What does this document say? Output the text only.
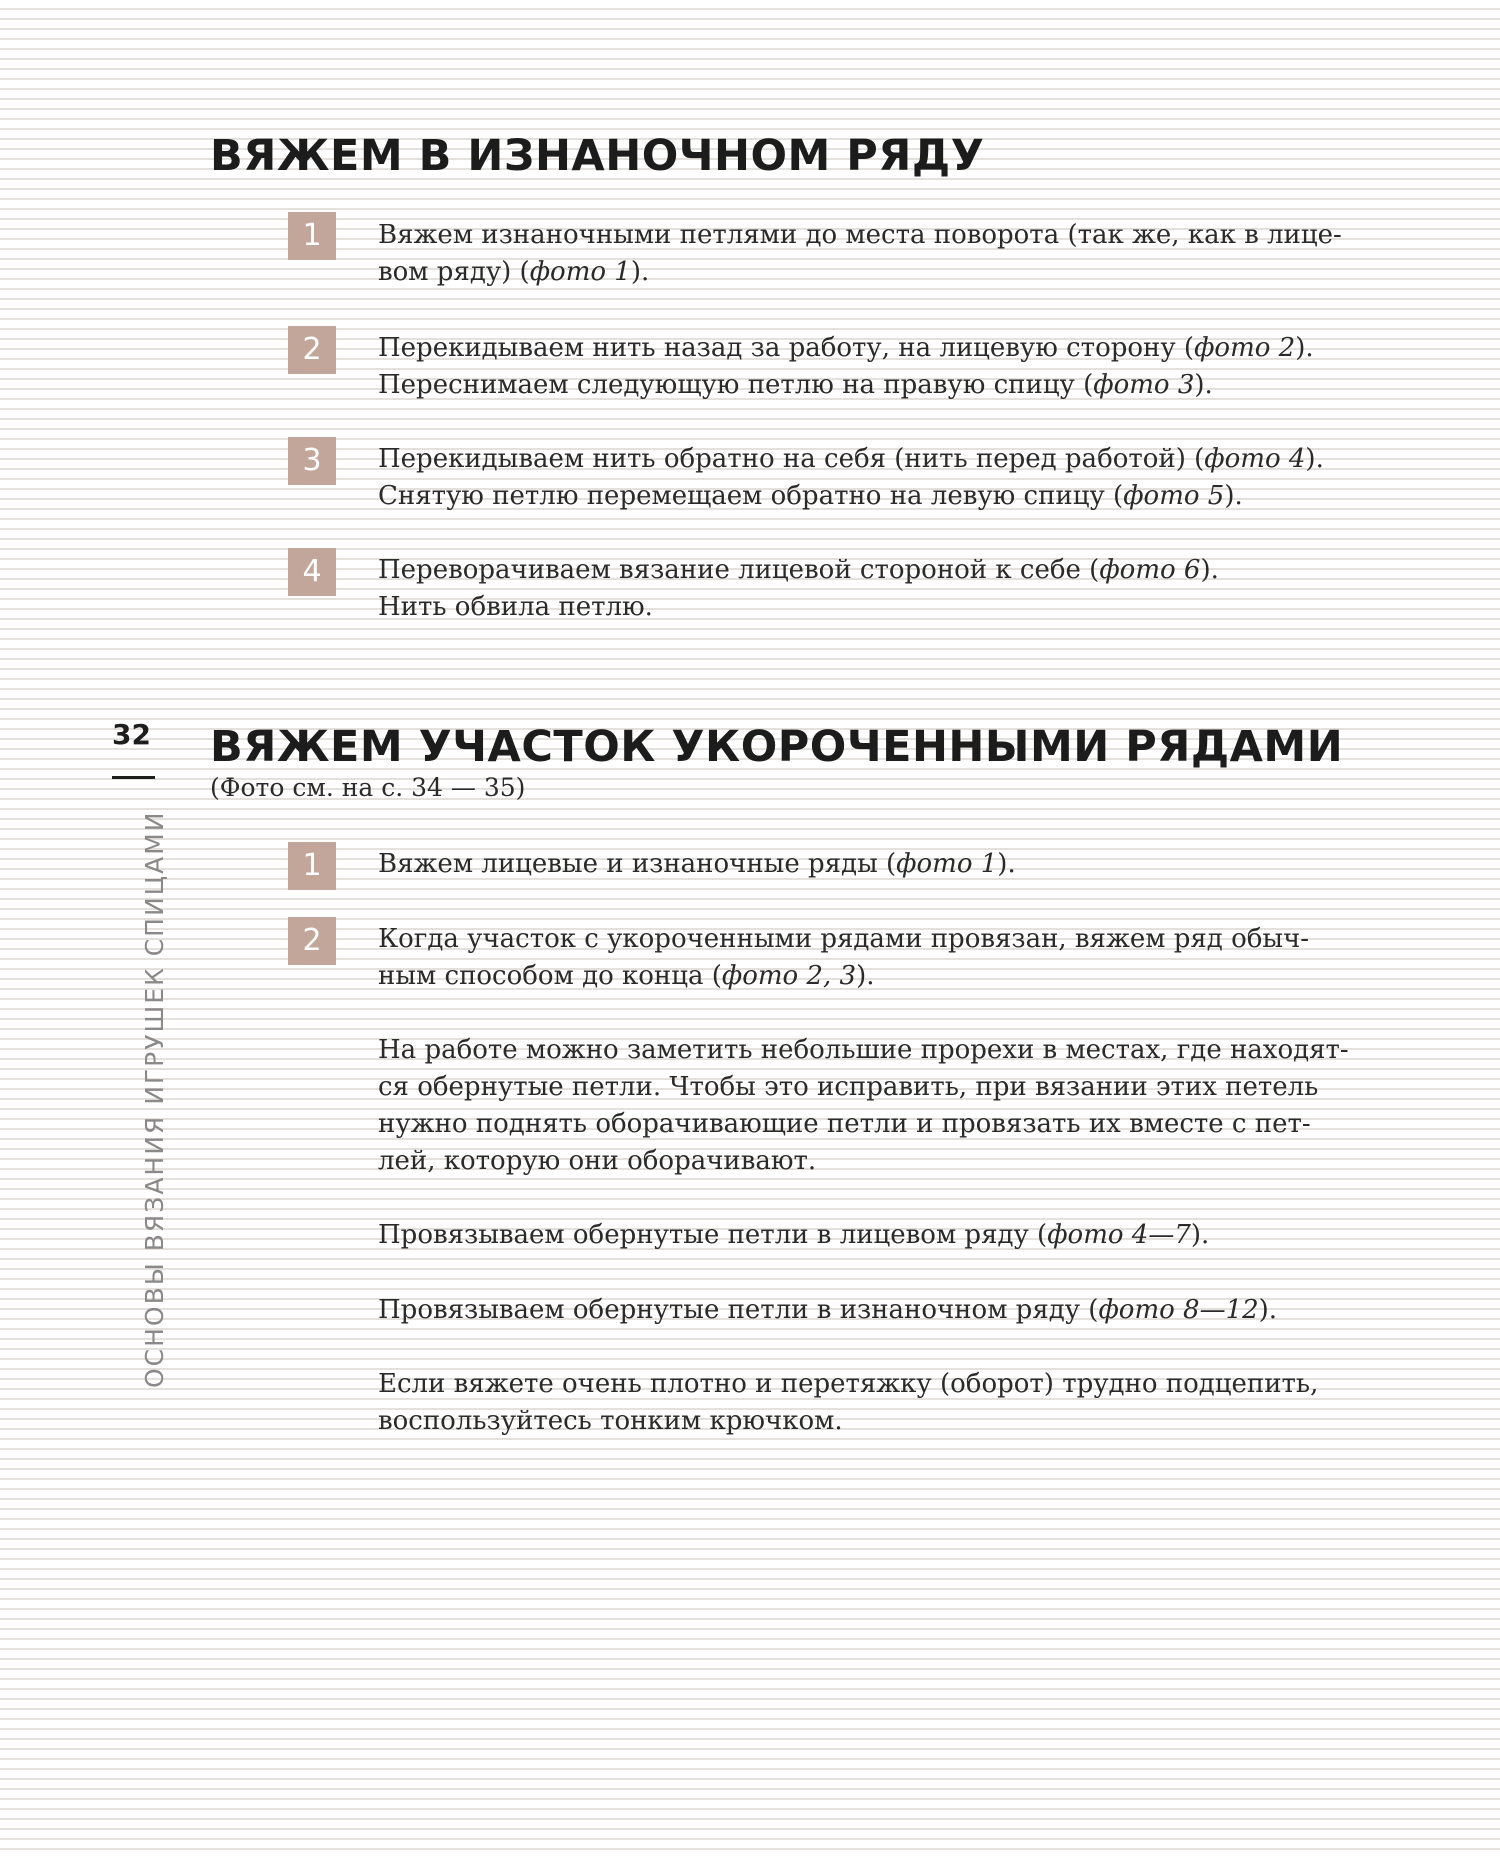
32
ОСНОВЫ ВЯЗАНИЯ ИГРУШЕК СПИЦАМИ
ВЯЖЕМ В ИЗНАНОЧНОМ РЯДУ
1	Вяжем изнаночными петлями до места поворота (так же, как в лице-
вом ряду) (фото 1).
2	Перекидываем нить назад за работу, на лицевую сторону (фото 2).
Переснимаем следующую петлю на правую спицу (фото 3).
3	Перекидываем нить обратно на себя (нить перед работой) (фото 4).
Снятую петлю перемещаем обратно на левую спицу (фото 5).
4	Переворачиваем вязание лицевой стороной к себе (фото 6).
Нить обвила петлю.
ВЯЖЕМ УЧАСТОК УКОРОЧЕННЫМИ РЯДАМИ
(Фото см. на с. 34 — 35)
1	Вяжем лицевые и изнаночные ряды (фото 1).
2	Когда участок с укороченными рядами провязан, вяжем ряд обыч-
ным способом до конца (фото 2, 3).
На работе можно заметить небольшие прорехи в местах, где находят-
ся обернутые петли. Чтобы это исправить, при вязании этих петель
нужно поднять оборачивающие петли и провязать их вместе с пет-
лей, которую они оборачивают.
Провязываем обернутые петли в лицевом ряду (фото 4—7).
Провязываем обернутые петли в изнаночном ряду (фото 8—12).
Если вяжете очень плотно и перетяжку (оборот) трудно подцепить,
воспользуйтесь тонким крючком.
